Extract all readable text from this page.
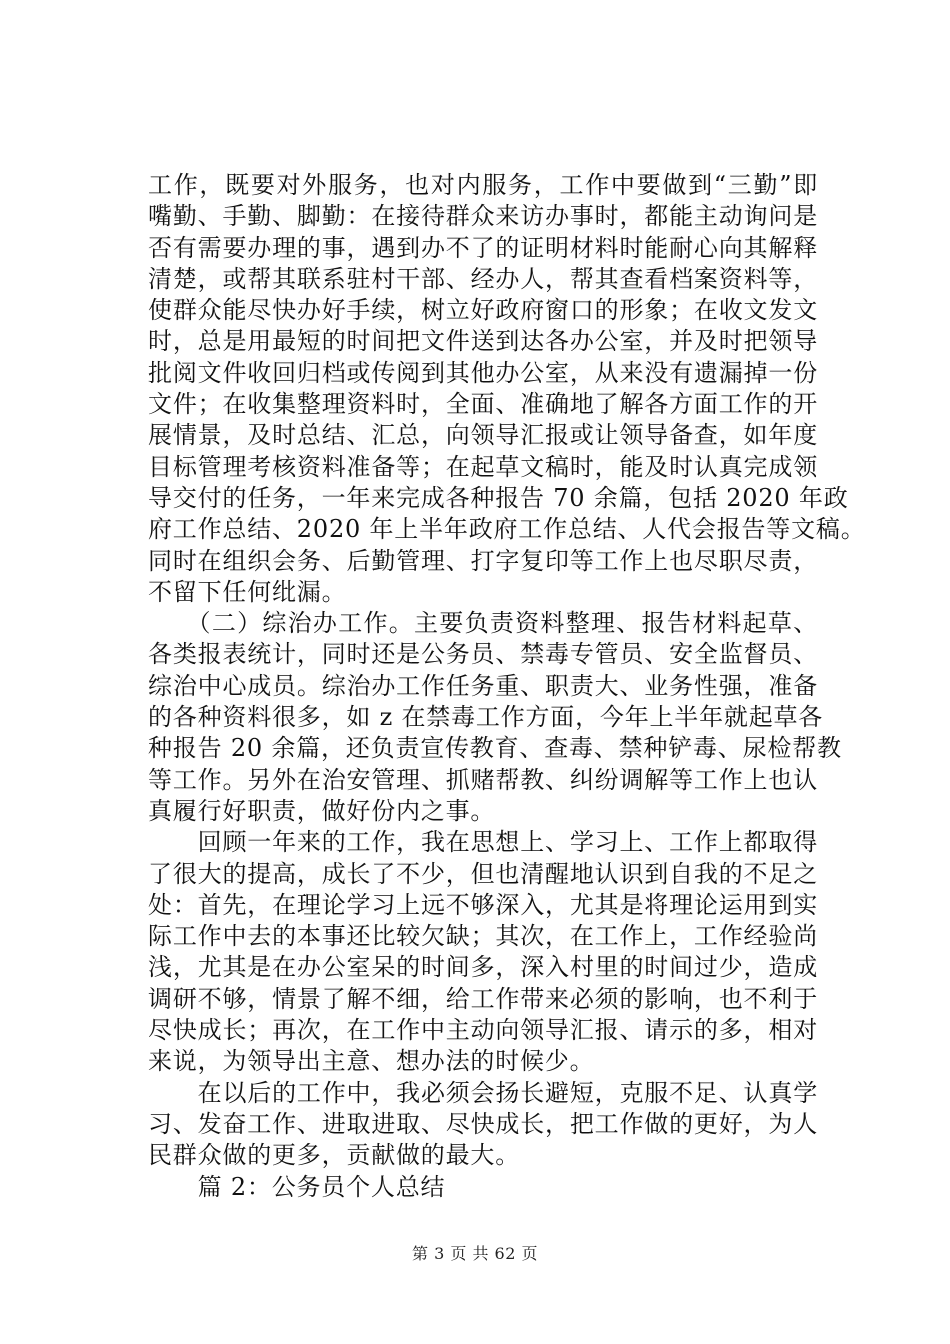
工作，既要对外服务，也对内服务，工作中要做到“三勤”即
嘴勤、手勤、脚勤：在接待群众来访办事时，都能主动询问是
否有需要办理的事，遇到办不了的证明材料时能耐心向其解释
清楚，或帮其联系驻村干部、经办人，帮其查看档案资料等，
使群众能尽快办好手续，树立好政府窗口的形象；在收文发文
时，总是用最短的时间把文件送到达各办公室，并及时把领导
批阅文件收回归档或传阅到其他办公室，从来没有遗漏掉一份
文件；在收集整理资料时，全面、准确地了解各方面工作的开
展情景，及时总结、汇总，向领导汇报或让领导备查，如年度
目标管理考核资料准备等；在起草文稿时，能及时认真完成领
导交付的任务，一年来完成各种报告 70 余篇，包括 2020 年政
府工作总结、2020 年上半年政府工作总结、人代会报告等文稿。
同时在组织会务、后勤管理、打字复印等工作上也尽职尽责，
不留下任何纰漏。
　　（二）综治办工作。主要负责资料整理、报告材料起草、
各类报表统计，同时还是公务员、禁毒专管员、安全监督员、
综治中心成员。综治办工作任务重、职责大、业务性强，准备
的各种资料很多，如 z 在禁毒工作方面，今年上半年就起草各
种报告 20 余篇，还负责宣传教育、查毒、禁种铲毒、尿检帮教
等工作。另外在治安管理、抓赌帮教、纠纷调解等工作上也认
真履行好职责，做好份内之事。
　　回顾一年来的工作，我在思想上、学习上、工作上都取得
了很大的提高，成长了不少，但也清醒地认识到自我的不足之
处：首先，在理论学习上远不够深入，尤其是将理论运用到实
际工作中去的本事还比较欠缺；其次，在工作上，工作经验尚
浅，尤其是在办公室呆的时间多，深入村里的时间过少，造成
调研不够，情景了解不细，给工作带来必须的影响，也不利于
尽快成长；再次，在工作中主动向领导汇报、请示的多，相对
来说，为领导出主意、想办法的时候少。
　　在以后的工作中，我必须会扬长避短，克服不足、认真学
习、发奋工作、进取进取、尽快成长，把工作做的更好，为人
民群众做的更多，贡献做的最大。
　　篇 2：公务员个人总结
第 3 页 共 62 页
